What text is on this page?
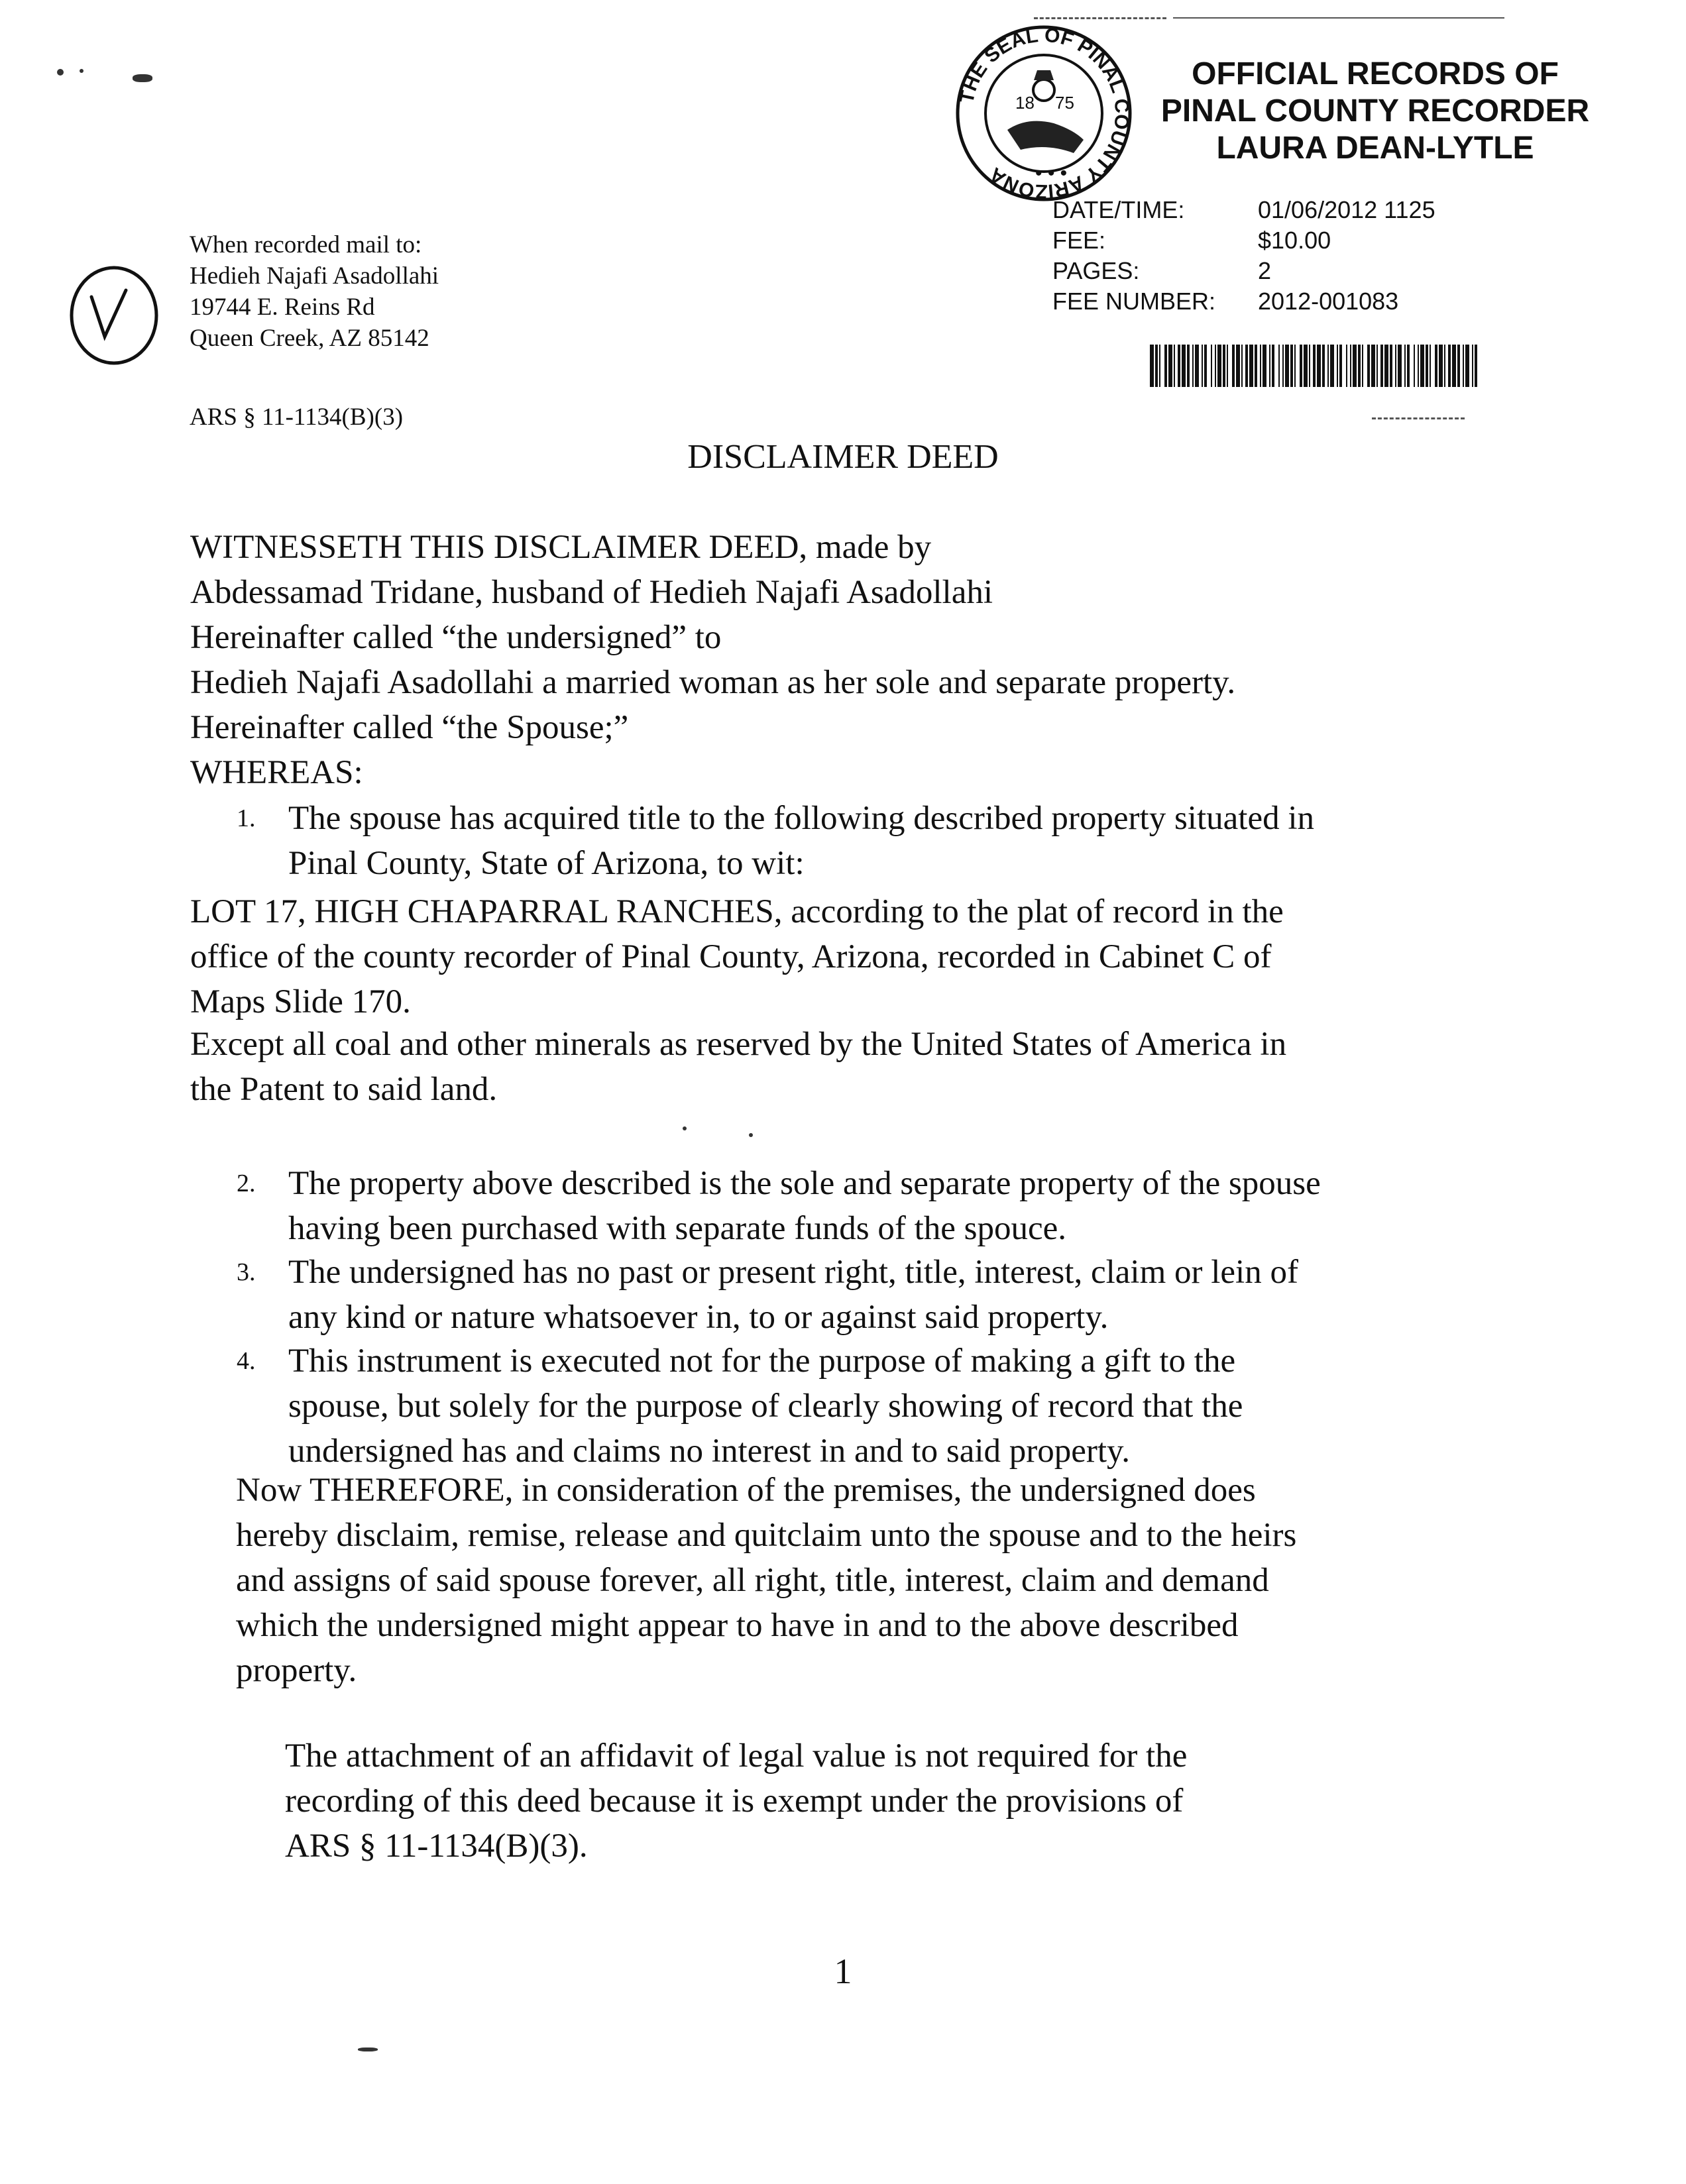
When recorded mail to:
Hedieh Najafi Asadollahi
19744 E. Reins Rd
Queen Creek, AZ 85142
ARS § 11-1134(B)(3)
THE SEAL OF PINAL COUNTY ARIZONA
18 75
• • •
OFFICIAL RECORDS OF
PINAL COUNTY RECORDER
LAURA DEAN-LYTLE
DATE/TIME:	01/06/2012 1125
FEE:	$10.00
PAGES:	2
FEE NUMBER:	2012-001083
DISCLAIMER DEED
WITNESSETH THIS DISCLAIMER DEED, made by
Abdessamad Tridane, husband of Hedieh Najafi Asadollahi
Hereinafter called “the undersigned” to
Hedieh Najafi Asadollahi a married woman as her sole and separate property.
Hereinafter called “the Spouse;”
WHEREAS:
1. The spouse has acquired title to the following described property situated in
Pinal County, State of Arizona, to wit:
LOT 17, HIGH CHAPARRAL RANCHES, according to the plat of record in the
office of the county recorder of Pinal County, Arizona, recorded in Cabinet C of
Maps Slide 170.
Except all coal and other minerals as reserved by the United States of America in
the Patent to said land.
2. The property above described is the sole and separate property of the spouse
having been purchased with separate funds of the spouce.
3. The undersigned has no past or present right, title, interest, claim or lein of
any kind or nature whatsoever in, to or against said property.
4. This instrument is executed not for the purpose of making a gift to the
spouse, but solely for the purpose of clearly showing of record that the
undersigned has and claims no interest in and to said property.
Now THEREFORE, in consideration of the premises, the undersigned does
hereby disclaim, remise, release and quitclaim unto the spouse and to the heirs
and assigns of said spouse forever, all right, title, interest, claim and demand
which the undersigned might appear to have in and to the above described
property.
The attachment of an affidavit of legal value is not required for the
recording of this deed because it is exempt under the provisions of
ARS § 11-1134(B)(3).
1
